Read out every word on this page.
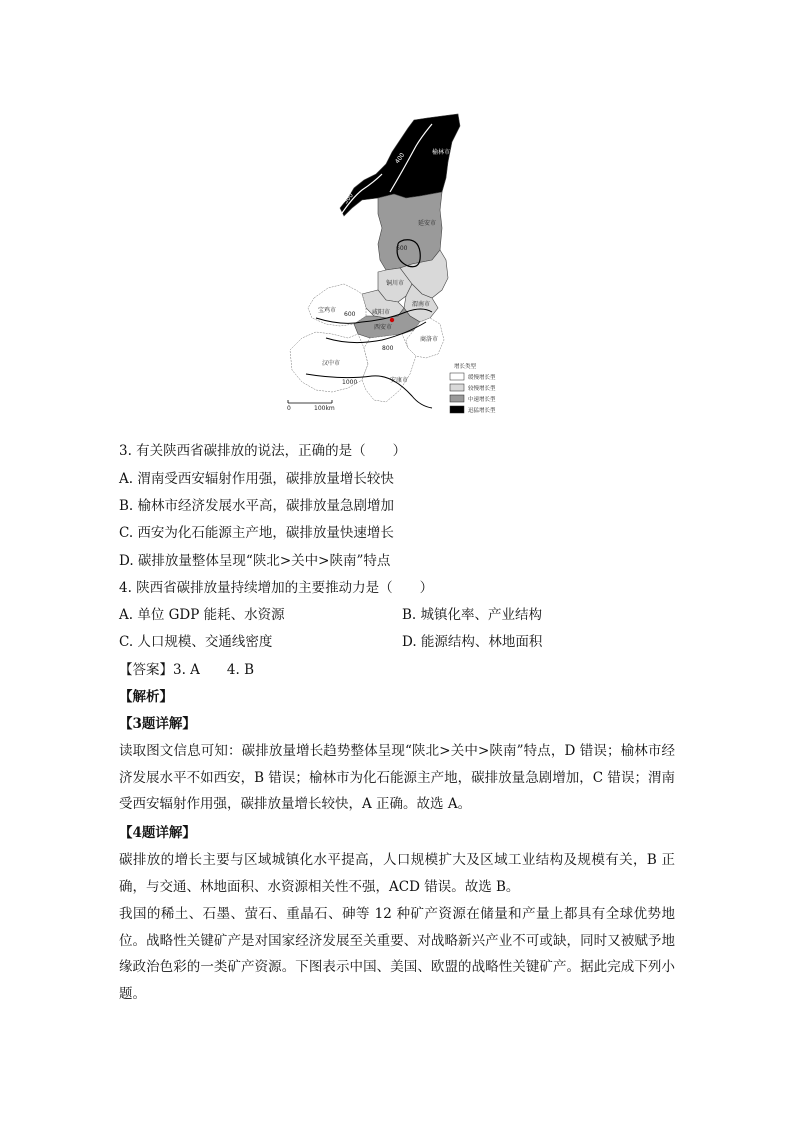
榆林市
400
500
延安市
600
铜川市
渭南市
咸阳市
宝鸡市
600
西安市
商洛市
800
汉中市
1000	安康市
0	100km
增长类型
缓慢增长型
较慢增长型
中速增长型
迅猛增长型
3. 有关陕西省碳排放的说法，正确的是（　　）
A. 渭南受西安辐射作用强，碳排放量增长较快
B. 榆林市经济发展水平高，碳排放量急剧增加
C. 西安为化石能源主产地，碳排放量快速增长
D. 碳排放量整体呈现“陕北>关中>陕南”特点
4. 陕西省碳排放量持续增加的主要推动力是（　　）
A. 单位 GDP 能耗、水资源	B. 城镇化率、产业结构
C. 人口规模、交通线密度	D. 能源结构、林地面积
【答案】3. A　　4. B
【解析】
【3题详解】
读取图文信息可知：碳排放量增长趋势整体呈现“陕北>关中>陕南”特点，D 错误；榆林市经济发展水平不如西安，B 错误；榆林市为化石能源主产地，碳排放量急剧增加，C 错误；渭南受西安辐射作用强，碳排放量增长较快，A 正确。故选 A。
【4题详解】
碳排放的增长主要与区域城镇化水平提高，人口规模扩大及区域工业结构及规模有关，B 正确，与交通、林地面积、水资源相关性不强，ACD 错误。故选 B。
我国的稀土、石墨、萤石、重晶石、砷等 12 种矿产资源在储量和产量上都具有全球优势地位。战略性关键矿产是对国家经济发展至关重要、对战略新兴产业不可或缺，同时又被赋予地缘政治色彩的一类矿产资源。下图表示中国、美国、欧盟的战略性关键矿产。据此完成下列小题。
